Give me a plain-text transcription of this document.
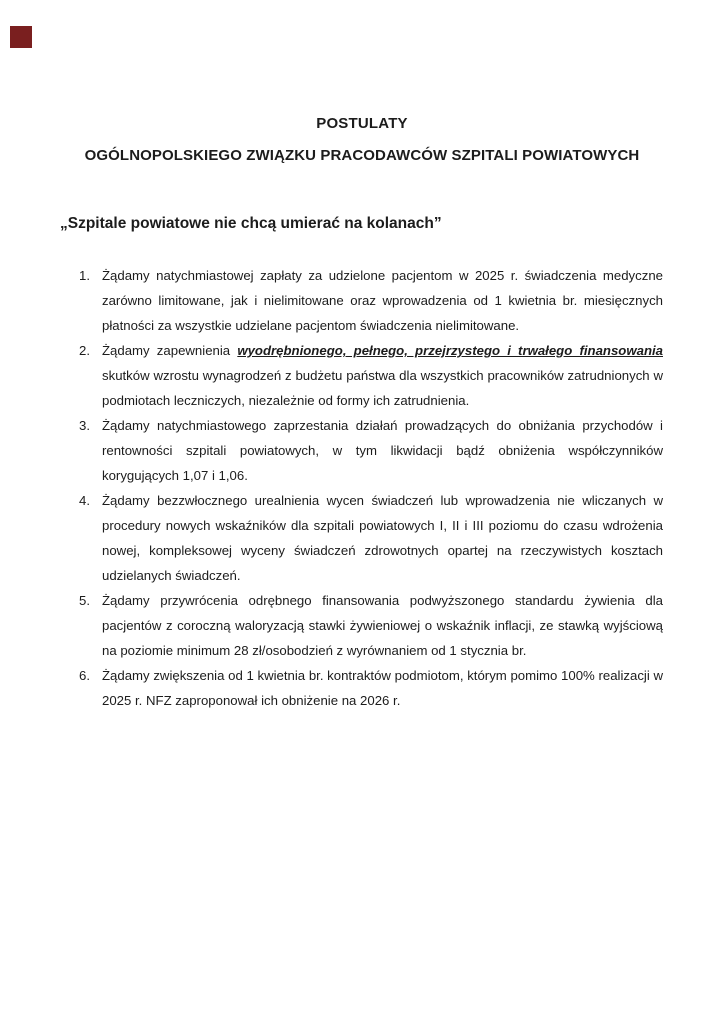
POSTULATY
OGÓLNOPOLSKIEGO ZWIĄZKU PRACODAWCÓW SZPITALI POWIATOWYCH

„Szpitale powiatowe nie chcą umierać na kolanach”

1. Żądamy natychmiastowej zapłaty za udzielone pacjentom w 2025 r. świadczenia medyczne zarówno limitowane, jak i nielimitowane oraz wprowadzenia od 1 kwietnia br. miesięcznych płatności za wszystkie udzielane pacjentom świadczenia nielimitowane.
2. Żądamy zapewnienia wyodrębnionego, pełnego, przejrzystego i trwałego finansowania skutków wzrostu wynagrodzeń z budżetu państwa dla wszystkich pracowników zatrudnionych w podmiotach leczniczych, niezależnie od formy ich zatrudnienia.
3. Żądamy natychmiastowego zaprzestania działań prowadzących do obniżania przychodów i rentowności szpitali powiatowych, w tym likwidacji bądź obniżenia współczynników korygujących 1,07 i 1,06.
4. Żądamy bezzwłocznego urealnienia wycen świadczeń lub wprowadzenia nie wliczanych w procedury nowych wskaźników dla szpitali powiatowych I, II i III poziomu do czasu wdrożenia nowej, kompleksowej wyceny świadczeń zdrowotnych opartej na rzeczywistych kosztach udzielanych świadczeń.
5. Żądamy przywrócenia odrębnego finansowania podwyższonego standardu żywienia dla pacjentów z coroczną waloryzacją stawki żywieniowej o wskaźnik inflacji, ze stawką wyjściową na poziomie minimum 28 zł/osobodzień z wyrównaniem od 1 stycznia br.
6. Żądamy zwiększenia od 1 kwietnia br. kontraktów podmiotom, którym pomimo 100% realizacji w 2025 r. NFZ zaproponował ich obniżenie na 2026 r.
